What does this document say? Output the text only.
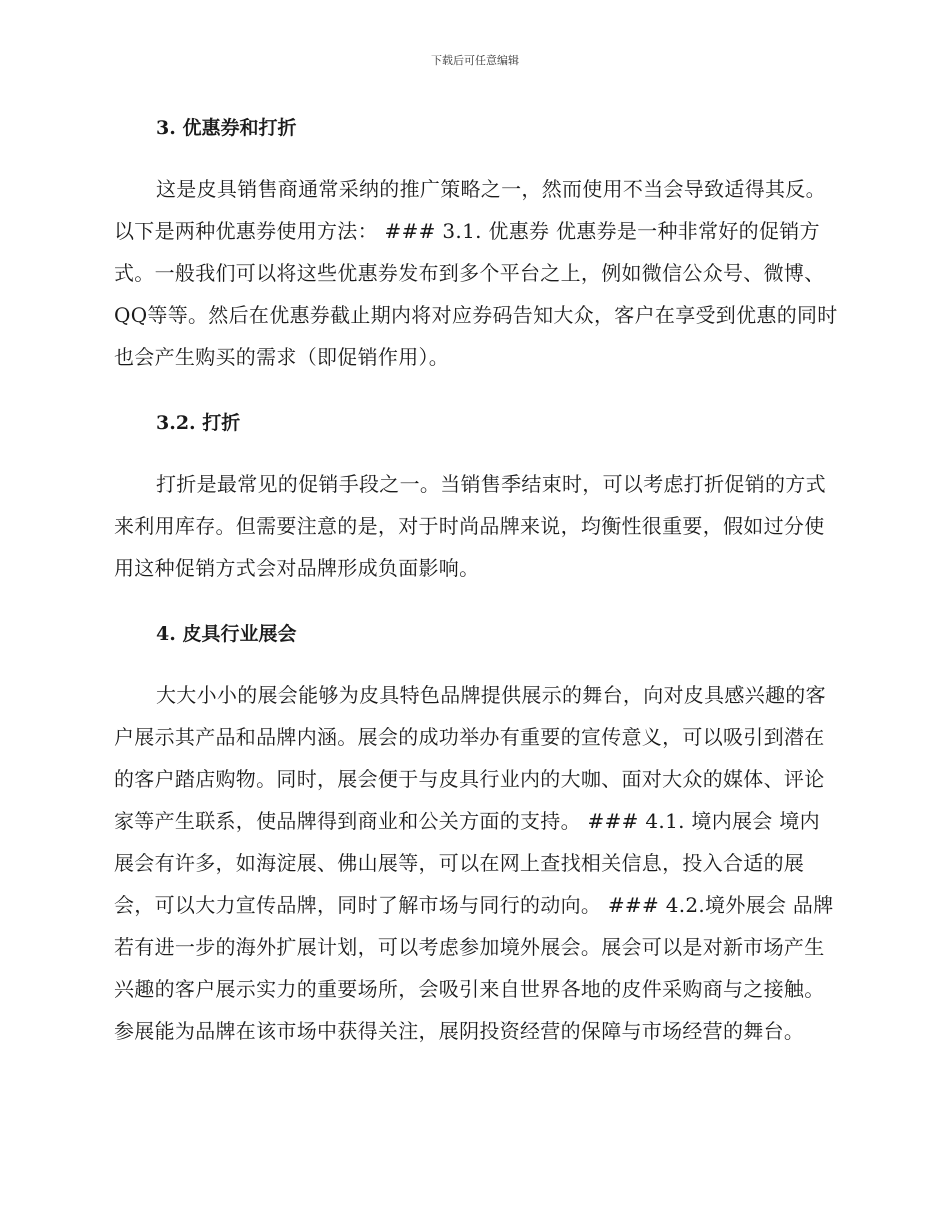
下载后可任意编辑
3. 优惠券和打折

这是皮具销售商通常采纳的推广策略之一，然而使用不当会导致适得其反。以下是两种优惠券使用方法： ### 3.1. 优惠券 优惠券是一种非常好的促销方式。一般我们可以将这些优惠券发布到多个平台之上，例如微信公众号、微博、QQ等等。然后在优惠券截止期内将对应券码告知大众，客户在享受到优惠的同时也会产生购买的需求（即促销作用）。

3.2. 打折

打折是最常见的促销手段之一。当销售季结束时，可以考虑打折促销的方式来利用库存。但需要注意的是，对于时尚品牌来说，均衡性很重要，假如过分使用这种促销方式会对品牌形成负面影响。

4. 皮具行业展会

大大小小的展会能够为皮具特色品牌提供展示的舞台，向对皮具感兴趣的客户展示其产品和品牌内涵。展会的成功举办有重要的宣传意义，可以吸引到潜在的客户踏店购物。同时，展会便于与皮具行业内的大咖、面对大众的媒体、评论家等产生联系，使品牌得到商业和公关方面的支持。 ### 4.1. 境内展会 境内展会有许多，如海淀展、佛山展等，可以在网上查找相关信息，投入合适的展会，可以大力宣传品牌，同时了解市场与同行的动向。 ### 4.2.境外展会 品牌若有进一步的海外扩展计划，可以考虑参加境外展会。展会可以是对新市场产生兴趣的客户展示实力的重要场所，会吸引来自世界各地的皮件采购商与之接触。参展能为品牌在该市场中获得关注，展阴投资经营的保障与市场经营的舞台。
